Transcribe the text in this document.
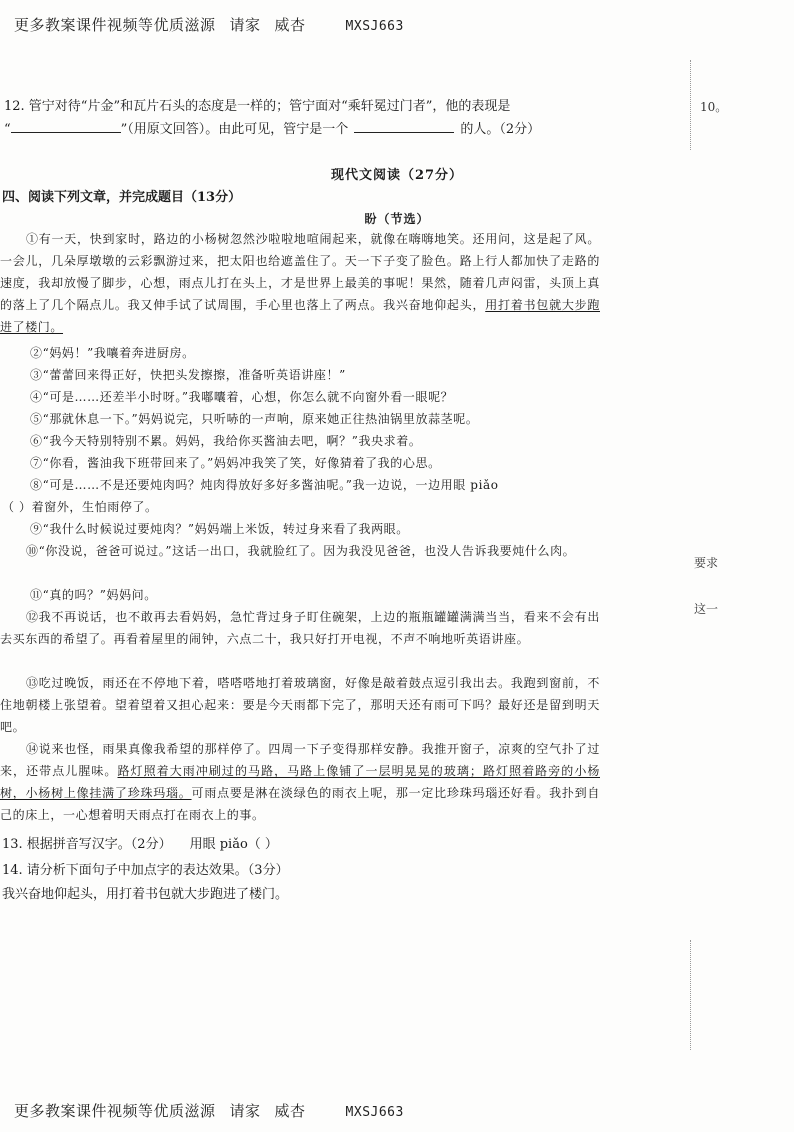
更多教案课件视频等优质滋源 请家 威杏	MXSJ663
12. 管宁对待“片金”和瓦片石头的态度是一样的；管宁面对“乘轩冕过门者”，他的表现是
“	”（用原文回答）。由此可见，管宁是一个	的人。（2分）
现代文阅读（27分）
四、阅读下列文章，并完成题目（13分）
盼（节选）
①有一天，快到家时，路边的小杨树忽然沙啦啦地喧闹起来，就像在嗨嗨地笑。还用问，这是起了风。一会儿，几朵厚墩墩的云彩飘游过来，把太阳也给遮盖住了。天一下子变了脸色。路上行人都加快了走路的速度，我却放慢了脚步，心想，雨点儿打在头上，才是世界上最美的事呢！果然，随着几声闷雷，头顶上真的落上了几个隔点儿。我又伸手试了试周围，手心里也落上了两点。我兴奋地仰起头，用打着书包就大步跑进了楼门。
②“妈妈！”我嚷着奔进厨房。
③“蕾蕾回来得正好，快把头发擦擦，准备听英语讲座！”
④“可是……还差半小时呀。”我嘟囔着，心想，你怎么就不向窗外看一眼呢？
⑤“那就休息一下。”妈妈说完，只听哧的一声响，原来她正往热油锅里放蒜茎呢。
⑥“我今天特别特别不累。妈妈，我给你买酱油去吧，啊？”我央求着。
⑦“你看，酱油我下班带回来了。”妈妈冲我笑了笑，好像猜着了我的心思。
⑧“可是……不是还要炖肉吗？炖肉得放好多好多酱油呢。”我一边说，一边用眼 piǎo
（ ）着窗外，生怕雨停了。
⑨“我什么时候说过要炖肉？”妈妈端上米饭，转过身来看了我两眼。
⑩“你没说，爸爸可说过。”这话一出口，我就脸红了。因为我没见爸爸，也没人告诉我要炖什么肉。
⑪“真的吗？”妈妈问。
⑫我不再说话，也不敢再去看妈妈，急忙背过身子盯住碗架，上边的瓶瓶罐罐满满当当，看来不会有出去买东西的希望了。再看着屋里的闹钟，六点二十，我只好打开电视，不声不响地听英语讲座。
⑬吃过晚饭，雨还在不停地下着，嗒嗒嗒地打着玻璃窗，好像是敲着鼓点逗引我出去。我跑到窗前，不住地朝楼上张望着。望着望着又担心起来：要是今天雨都下完了，那明天还有雨可下吗？最好还是留到明天吧。
⑭说来也怪，雨果真像我希望的那样停了。四周一下子变得那样安静。我推开窗子，凉爽的空气扑了过来，还带点儿腥味。路灯照着大雨冲刷过的马路，马路上像铺了一层明晃晃的玻璃；路灯照着路旁的小杨树，小杨树上像挂满了珍珠玛瑙。可雨点要是淋在淡绿色的雨衣上呢，那一定比珍珠玛瑙还好看。我扑到自己的床上，一心想着明天雨点打在雨衣上的事。
13. 根据拼音写汉字。（2分） 用眼 piǎo（ ）
14. 请分析下面句子中加点字的表达效果。（3分）
我兴奋地仰起头，用打着书包就大步跑进了楼门。
10。
要求
这一
更多教案课件视频等优质滋源 请家 威杏	MXSJ663
